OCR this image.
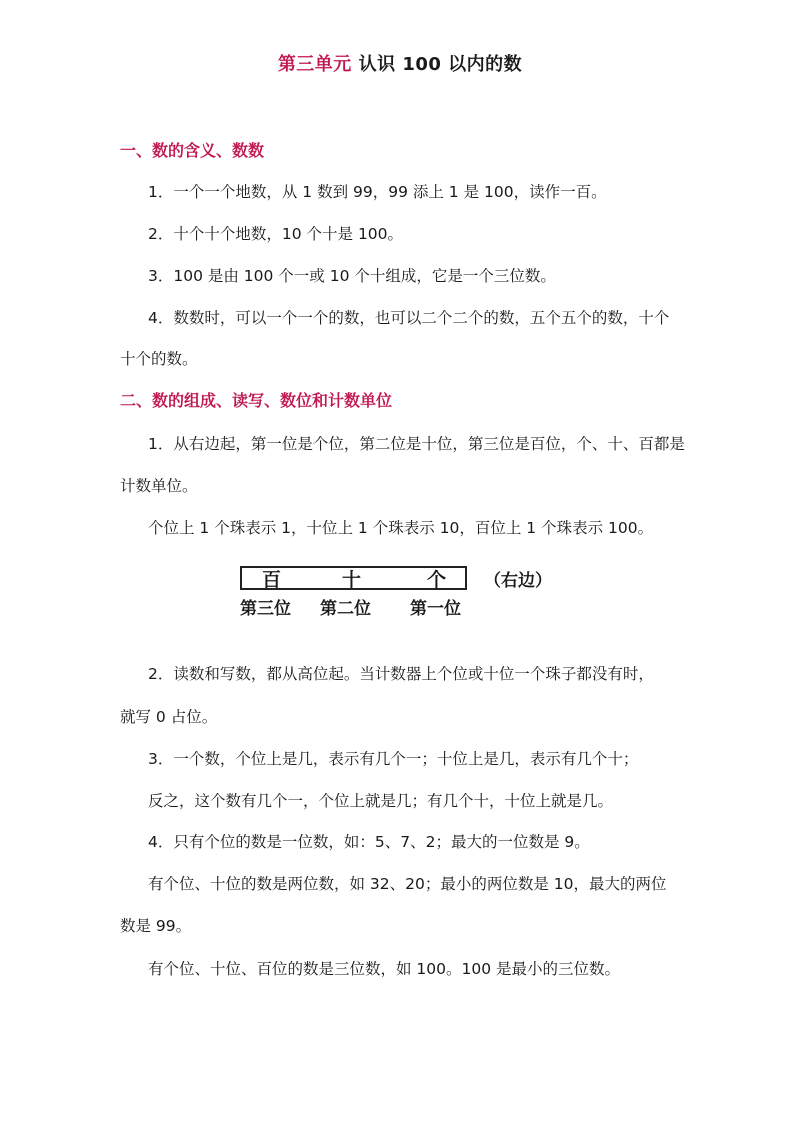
第三单元 认识 100 以内的数
一、数的含义、数数
1．一个一个地数，从 1 数到 99，99 添上 1 是 100，读作一百。
2．十个十个地数，10 个十是 100。
3．100 是由 100 个一或 10 个十组成，它是一个三位数。
4．数数时，可以一个一个的数，也可以二个二个的数，五个五个的数，十个
十个的数。
二、数的组成、读写、数位和计数单位
1．从右边起，第一位是个位，第二位是十位，第三位是百位，个、十、百都是
计数单位。
个位上 1 个珠表示 1，十位上 1 个珠表示 10，百位上 1 个珠表示 100。
百	十	个 （右边）
第三位 第二位 第一位
2．读数和写数，都从高位起。当计数器上个位或十位一个珠子都没有时，
就写 0 占位。
3．一个数，个位上是几，表示有几个一；十位上是几，表示有几个十；
反之，这个数有几个一，个位上就是几；有几个十，十位上就是几。
4．只有个位的数是一位数，如：5、7、2；最大的一位数是 9。
有个位、十位的数是两位数，如 32、20；最小的两位数是 10，最大的两位
数是 99。
有个位、十位、百位的数是三位数，如 100。100 是最小的三位数。
